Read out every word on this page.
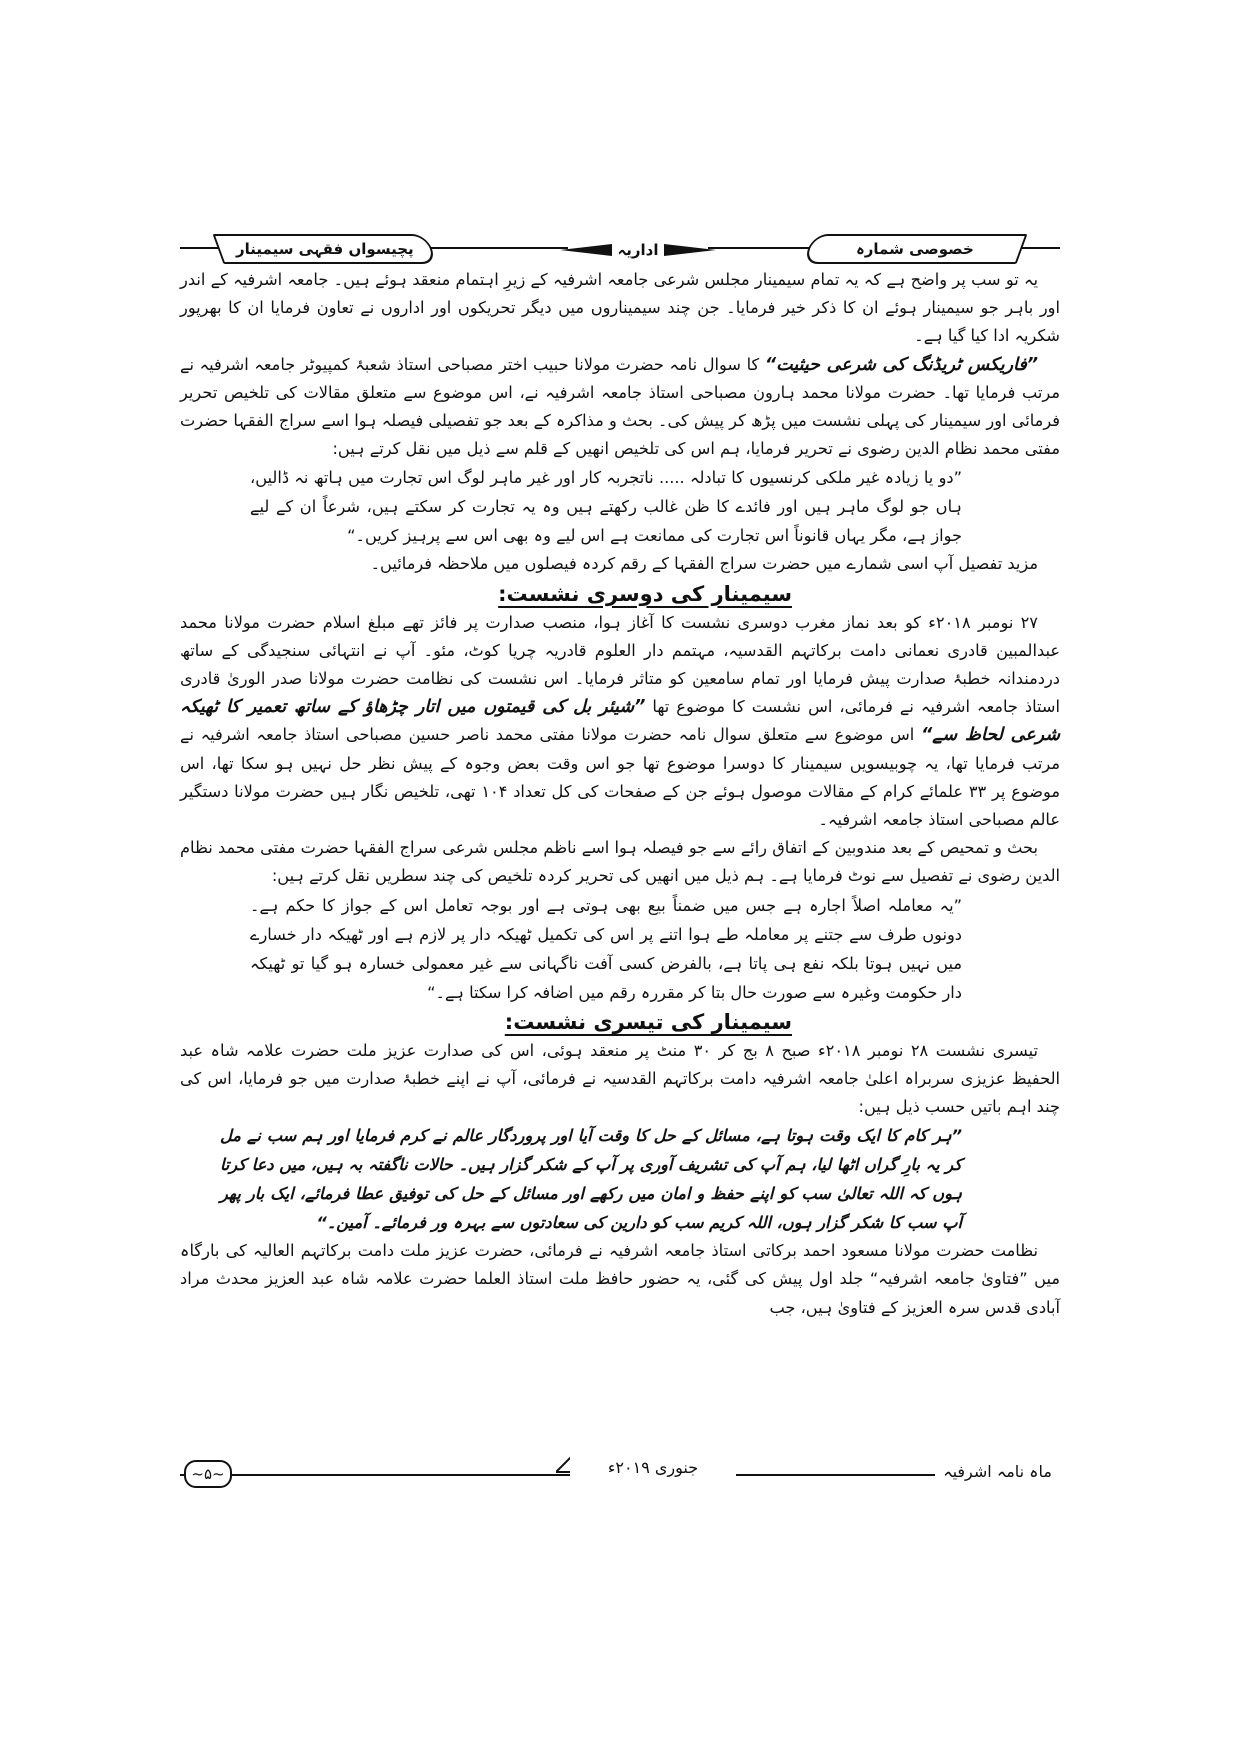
خصوصی شمارہ
اداریہ
پچیسواں فقہی سیمینار

یہ تو سب پر واضح ہے کہ یہ تمام سیمینار مجلس شرعی جامعہ اشرفیہ کے زیرِ اہتمام منعقد ہوئے ہیں۔ جامعہ اشرفیہ کے اندر اور باہر جو سیمینار ہوئے ان کا ذکر خیر فرمایا۔ جن چند سیمیناروں میں دیگر تحریکوں اور اداروں نے تعاون فرمایا ان کا بھرپور شکریہ ادا کیا گیا ہے۔

”فاریکس ٹریڈنگ کی شرعی حیثیت“ کا سوال نامہ حضرت مولانا حبیب اختر مصباحی استاذ شعبۂ کمپیوٹر جامعہ اشرفیہ نے مرتب فرمایا تھا۔ حضرت مولانا محمد ہارون مصباحی استاذ جامعہ اشرفیہ نے، اس موضوع سے متعلق مقالات کی تلخیص تحریر فرمائی اور سیمینار کی پہلی نشست میں پڑھ کر پیش کی۔ بحث و مذاکرہ کے بعد جو تفصیلی فیصلہ ہوا اسے سراج الفقہا حضرت مفتی محمد نظام الدین رضوی نے تحریر فرمایا، ہم اس کی تلخیص انھیں کے قلم سے ذیل میں نقل کرتے ہیں:

”دو یا زیادہ غیر ملکی کرنسیوں کا تبادلہ ..... ناتجربہ کار اور غیر ماہر لوگ اس تجارت میں ہاتھ نہ ڈالیں، ہاں جو لوگ ماہر ہیں اور فائدے کا ظن غالب رکھتے ہیں وہ یہ تجارت کر سکتے ہیں، شرعاً ان کے لیے جواز ہے، مگر یہاں قانوناً اس تجارت کی ممانعت ہے اس لیے وہ بھی اس سے پرہیز کریں۔“

مزید تفصیل آپ اسی شمارے میں حضرت سراج الفقہا کے رقم کردہ فیصلوں میں ملاحظہ فرمائیں۔

سیمینار کی دوسری نشست:

۲۷ نومبر ۲۰۱۸ء کو بعد نماز مغرب دوسری نشست کا آغاز ہوا، منصب صدارت پر فائز تھے مبلغ اسلام حضرت مولانا محمد عبدالمبین قادری نعمانی دامت برکاتہم القدسیہ، مہتمم دار العلوم قادریہ چریا کوٹ، مئو۔ آپ نے انتہائی سنجیدگی کے ساتھ دردمندانہ خطبۂ صدارت پیش فرمایا اور تمام سامعین کو متاثر فرمایا۔ اس نشست کی نظامت حضرت مولانا صدر الوریٰ قادری استاذ جامعہ اشرفیہ نے فرمائی، اس نشست کا موضوع تھا ”شیئر بل کی قیمتوں میں اتار چڑھاؤ کے ساتھ تعمیر کا ٹھیکہ شرعی لحاظ سے“ اس موضوع سے متعلق سوال نامہ حضرت مولانا مفتی محمد ناصر حسین مصباحی استاذ جامعہ اشرفیہ نے مرتب فرمایا تھا، یہ چوبیسویں سیمینار کا دوسرا موضوع تھا جو اس وقت بعض وجوہ کے پیش نظر حل نہیں ہو سکا تھا، اس موضوع پر ۳۳ علمائے کرام کے مقالات موصول ہوئے جن کے صفحات کی کل تعداد ۱۰۴ تھی، تلخیص نگار ہیں حضرت مولانا دستگیر عالم مصباحی استاذ جامعہ اشرفیہ۔

بحث و تمحیص کے بعد مندوبین کے اتفاق رائے سے جو فیصلہ ہوا اسے ناظم مجلس شرعی سراج الفقہا حضرت مفتی محمد نظام الدین رضوی نے تفصیل سے نوٹ فرمایا ہے۔ ہم ذیل میں انھیں کی تحریر کردہ تلخیص کی چند سطریں نقل کرتے ہیں:

”یہ معاملہ اصلاً اجارہ ہے جس میں ضمناً بیع بھی ہوتی ہے اور بوجہ تعامل اس کے جواز کا حکم ہے۔ دونوں طرف سے جتنے پر معاملہ طے ہوا اتنے پر اس کی تکمیل ٹھیکہ دار پر لازم ہے اور ٹھیکہ دار خسارے میں نہیں ہوتا بلکہ نفع ہی پاتا ہے، بالفرض کسی آفت ناگہانی سے غیر معمولی خسارہ ہو گیا تو ٹھیکہ دار حکومت وغیرہ سے صورت حال بتا کر مقررہ رقم میں اضافہ کرا سکتا ہے۔“

سیمینار کی تیسری نشست:

تیسری نشست ۲۸ نومبر ۲۰۱۸ء صبح ۸ بج کر ۳۰ منٹ پر منعقد ہوئی، اس کی صدارت عزیز ملت حضرت علامہ شاہ عبد الحفیظ عزیزی سربراہ اعلیٰ جامعہ اشرفیہ دامت برکاتہم القدسیہ نے فرمائی، آپ نے اپنے خطبۂ صدارت میں جو فرمایا، اس کی چند اہم باتیں حسب ذیل ہیں:

”ہر کام کا ایک وقت ہوتا ہے، مسائل کے حل کا وقت آیا اور پروردگار عالم نے کرم فرمایا اور ہم سب نے مل کر یہ بارِ گراں اٹھا لیا، ہم آپ کی تشریف آوری پر آپ کے شکر گزار ہیں۔ حالات ناگفتہ بہ ہیں، میں دعا کرتا ہوں کہ اللہ تعالیٰ سب کو اپنے حفظ و امان میں رکھے اور مسائل کے حل کی توفیق عطا فرمائے، ایک بار پھر آپ سب کا شکر گزار ہوں، اللہ کریم سب کو دارین کی سعادتوں سے بہرہ ور فرمائے۔ آمین۔“

نظامت حضرت مولانا مسعود احمد برکاتی استاذ جامعہ اشرفیہ نے فرمائی، حضرت عزیز ملت دامت برکاتہم العالیہ کی بارگاہ میں ”فتاویٰ جامعہ اشرفیہ“ جلد اول پیش کی گئی، یہ حضور حافظ ملت استاذ العلما حضرت علامہ شاہ عبد العزیز محدث مراد آبادی قدس سرہ العزیز کے فتاویٰ ہیں، جب

ماہ نامہ اشرفیہ
جنوری ۲۰۱۹ء
~۵~
